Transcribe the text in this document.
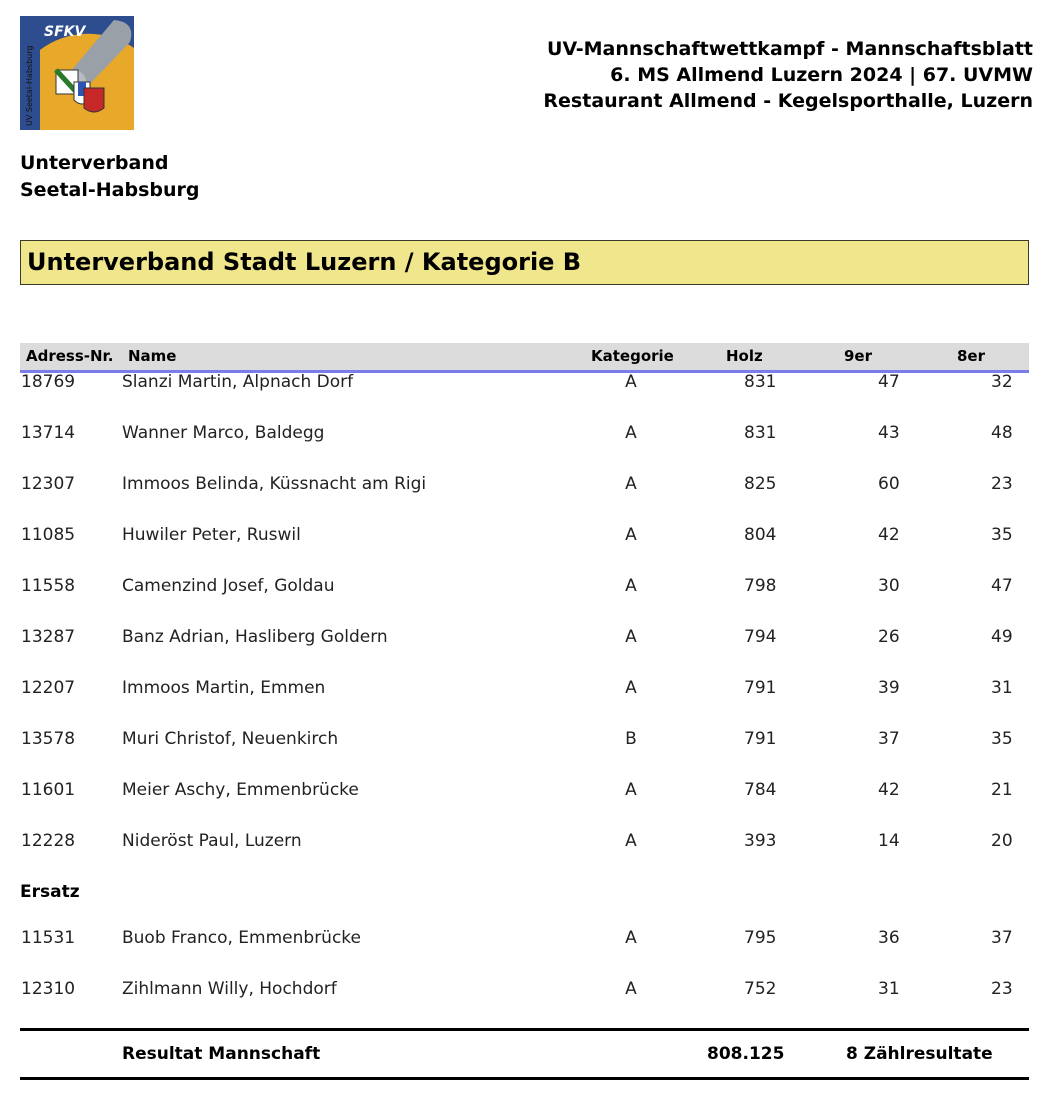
SFKV
UV Seetal-Habsburg	UV-Mannschaftwettkampf - Mannschaftsblatt
6. MS Allmend Luzern 2024 | 67. UVMW
Restaurant Allmend - Kegelsporthalle, Luzern
Unterverband
Seetal-Habsburg
Unterverband Stadt Luzern / Kategorie B
Adress-Nr. Name	Kategorie	Holz	9er	8er
18769	Slanzi Martin, Alpnach Dorf	A	831	47	32
13714	Wanner Marco, Baldegg	A	831	43	48
12307	Immoos Belinda, Küssnacht am Rigi	A	825	60	23
11085	Huwiler Peter, Ruswil	A	804	42	35
11558	Camenzind Josef, Goldau	A	798	30	47
13287	Banz Adrian, Hasliberg Goldern	A	794	26	49
12207	Immoos Martin, Emmen	A	791	39	31
13578	Muri Christof, Neuenkirch	B	791	37	35
11601	Meier Aschy, Emmenbrücke	A	784	42	21
12228	Nideröst Paul, Luzern	A	393	14	20
Ersatz
11531	Buob Franco, Emmenbrücke	A	795	36	37
12310	Zihlmann Willy, Hochdorf	A	752	31	23
Resultat Mannschaft	808.125	8 Zählresultate
